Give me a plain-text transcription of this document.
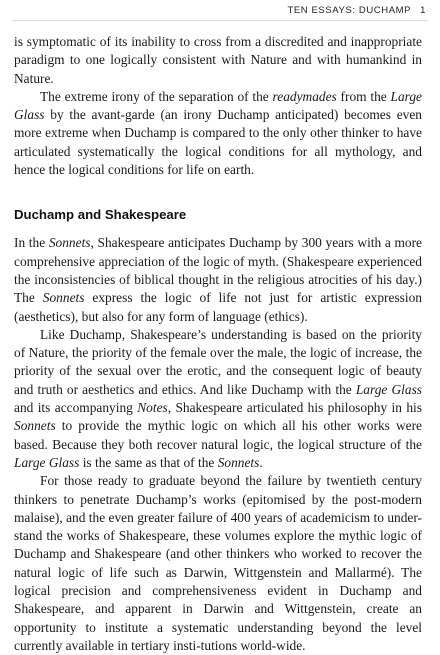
TEN ESSAYS: DUCHAMP 1

is symptomatic of its inability to cross from a discredited and inappropriate paradigm to one logically consistent with Nature and with humankind in Nature.

The extreme irony of the separation of the readymades from the Large Glass by the avant-garde (an irony Duchamp anticipated) becomes even more extreme when Duchamp is compared to the only other thinker to have articulated systematically the logical conditions for all mythology, and hence the logical conditions for life on earth.

Duchamp and Shakespeare

In the Sonnets, Shakespeare anticipates Duchamp by 300 years with a more comprehensive appreciation of the logic of myth. (Shakespeare experienced the inconsistencies of biblical thought in the religious atrocities of his day.) The Sonnets express the logic of life not just for artistic expression (aesthetics), but also for any form of language (ethics).

Like Duchamp, Shakespeare’s understanding is based on the priority of Nature, the priority of the female over the male, the logic of increase, the priority of the sexual over the erotic, and the consequent logic of beauty and truth or aesthetics and ethics. And like Duchamp with the Large Glass and its accompanying Notes, Shakespeare articulated his philosophy in his Sonnets to provide the mythic logic on which all his other works were based. Because they both recover natural logic, the logical structure of the Large Glass is the same as that of the Sonnets.

For those ready to graduate beyond the failure by twentieth century thinkers to penetrate Duchamp’s works (epitomised by the post-modern malaise), and the even greater failure of 400 years of academicism to under-stand the works of Shakespeare, these volumes explore the mythic logic of Duchamp and Shakespeare (and other thinkers who worked to recover the natural logic of life such as Darwin, Wittgenstein and Mallarmé). The logical precision and comprehensiveness evident in Duchamp and Shakespeare, and apparent in Darwin and Wittgenstein, create an opportunity to institute a systematic understanding beyond the level currently available in tertiary insti-tutions world-wide.
